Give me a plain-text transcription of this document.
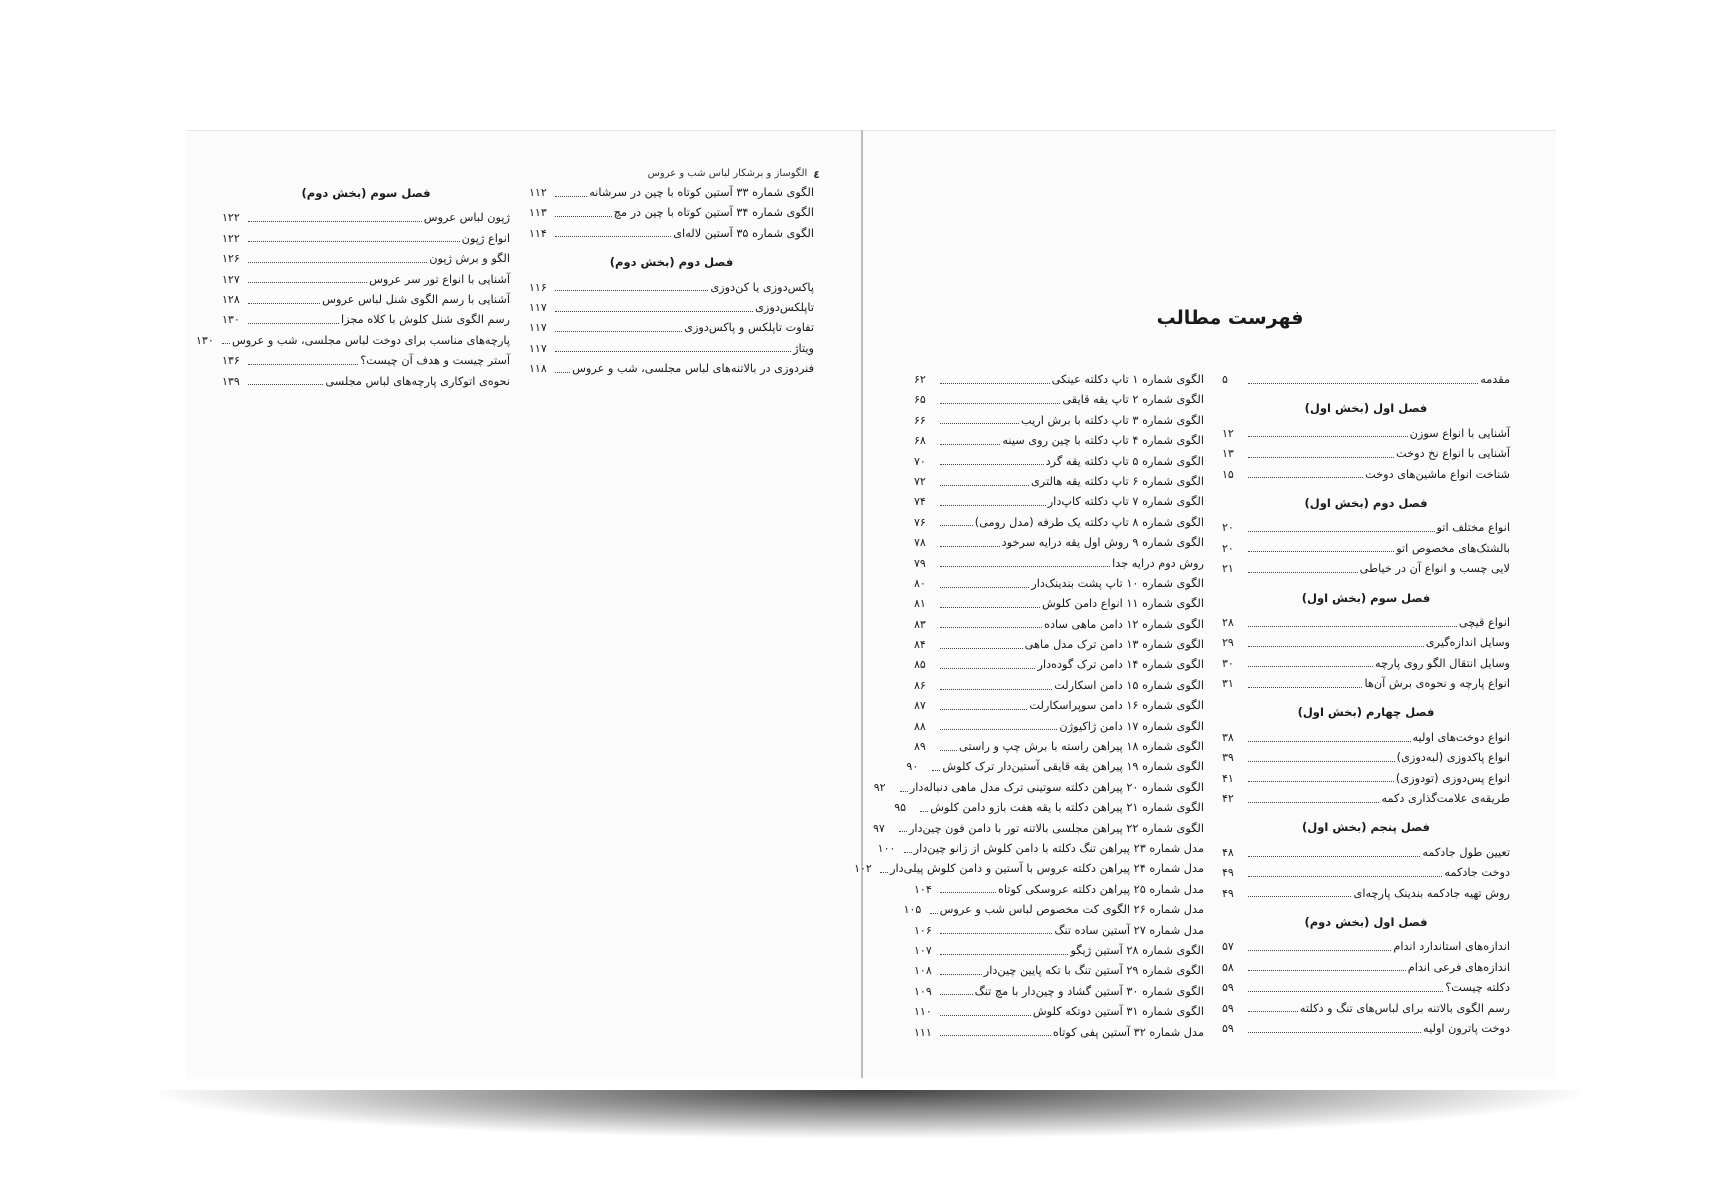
٤
الگوساز و برشکار لباس شب و عروس
فهرست مطالب
مقدمه
۵
فصل اول (بخش اول)
آشنایی با انواع سوزن
۱۲
آشنایی با انواع نخ دوخت
۱۳
شناخت انواع ماشین‌های دوخت
۱۵
فصل دوم (بخش اول)
انواع مختلف اتو
۲۰
بالشتک‌های مخصوص اتو
۲۰
لایی چسب و انواع آن در خیاطی
۲۱
فصل سوم (بخش اول)
انواع قیچی
۲۸
وسایل اندازه‌گیری
۲۹
وسایل انتقال الگو روی پارچه
۳۰
انواع پارچه و نحوه‌ی برش آن‌ها
۳۱
فصل چهارم (بخش اول)
انواع دوخت‌های اولیه
۳۸
انواع پاکدوزی (لبه‌دوزی)
۳۹
انواع پس‌دوزی (تودوزی)
۴۱
طریقه‌ی علامت‌گذاری دکمه
۴۲
فصل پنجم (بخش اول)
تعیین طول جادکمه
۴۸
دوخت جادکمه
۴۹
روش تهیه جادکمه بندینک پارچه‌ای
۴۹
فصل اول (بخش دوم)
اندازه‌های استاندارد اندام
۵۷
اندازه‌های فرعی اندام
۵۸
دکلته چیست؟
۵۹
رسم الگوی بالاتنه برای لباس‌های تنگ و دکلته
۵۹
دوخت پاترون اولیه
۵۹
الگوی شماره ۱ تاپ دکلته عینکی
۶۲
الگوی شماره ۲ تاپ یقه قایقی
۶۵
الگوی شماره ۳ تاپ دکلته با برش اریب
۶۶
الگوی شماره ۴ تاپ دکلته با چین روی سینه
۶۸
الگوی شماره ۵ تاپ دکلته یقه گرد
۷۰
الگوی شماره ۶ تاپ دکلته یقه هالتری
۷۲
الگوی شماره ۷ تاپ دکلته کاپ‌دار
۷۴
الگوی شماره ۸ تاپ دکلته یک طرفه (مدل رومی)
۷۶
الگوی شماره ۹ روش اول یقه درایه سرخود
۷۸
روش دوم درایه جدا
۷۹
الگوی شماره ۱۰ تاپ پشت بندینک‌دار
۸۰
الگوی شماره ۱۱ انواع دامن کلوش
۸۱
الگوی شماره ۱۲ دامن ماهی ساده
۸۳
الگوی شماره ۱۳ دامن ترک مدل ماهی
۸۴
الگوی شماره ۱۴ دامن ترک گوده‌دار
۸۵
الگوی شماره ۱۵ دامن اسکارلت
۸۶
الگوی شماره ۱۶ دامن سوپراسکارلت
۸۷
الگوی شماره ۱۷ دامن ژاکیوژن
۸۸
الگوی شماره ۱۸ پیراهن راسته با برش چپ و راستی
۸۹
الگوی شماره ۱۹ پیراهن یقه قایقی آستین‌دار ترک کلوش
۹۰
الگوی شماره ۲۰ پیراهن دکلته سوتینی ترک مدل ماهی دنباله‌دار
۹۲
الگوی شماره ۲۱ پیراهن دکلته با یقه هفت بازو دامن کلوش
۹۵
الگوی شماره ۲۲ پیراهن مجلسی بالاتنه تور با دامن فون چین‌دار
۹۷
مدل شماره ۲۳ پیراهن تنگ دکلته با دامن کلوش از زانو چین‌دار
۱۰۰
مدل شماره ۲۴ پیراهن دکلته عروس با آستین و دامن کلوش پیلی‌دار
۱۰۲
مدل شماره ۲۵ پیراهن دکلته عروسکی کوتاه
۱۰۴
مدل شماره ۲۶ الگوی کت مخصوص لباس شب و عروس
۱۰۵
مدل شماره ۲۷ آستین ساده تنگ
۱۰۶
الگوی شماره ۲۸ آستین ژیگو
۱۰۷
الگوی شماره ۲۹ آستین تنگ با تکه پایین چین‌دار
۱۰۸
الگوی شماره ۳۰ آستین گشاد و چین‌دار با مچ تنگ
۱۰۹
الگوی شماره ۳۱ آستین دوتکه کلوش
۱۱۰
مدل شماره ۳۲ آستین پفی کوتاه
۱۱۱
الگوی شماره ۳۳ آستین کوتاه با چین در سرشانه
۱۱۲
الگوی شماره ۳۴ آستین کوتاه با چین در مچ
۱۱۳
الگوی شماره ۳۵ آستین لاله‌ای
۱۱۴
فصل دوم (بخش دوم)
پاکس‌دوزی یا کن‌دوزی
۱۱۶
تاپلکس‌دوزی
۱۱۷
تفاوت تاپلکس و پاکس‌دوزی
۱۱۷
ویتاژ
۱۱۷
فنردوزی در بالاتنه‌های لباس مجلسی، شب و عروس
۱۱۸
فصل سوم (بخش دوم)
ژپون لباس عروس
۱۲۲
انواع ژپون
۱۲۲
الگو و برش ژپون
۱۲۶
آشنایی با انواع تور سر عروس
۱۲۷
آشنایی با رسم الگوی شنل لباس عروس
۱۲۸
رسم الگوی شنل کلوش با کلاه مجزا
۱۳۰
پارچه‌های مناسب برای دوخت لباس مجلسی، شب و عروس
۱۳۰
آستر چیست و هدف آن چیست؟
۱۳۶
نحوه‌ی اتوکاری پارچه‌های لباس مجلسی
۱۳۹
